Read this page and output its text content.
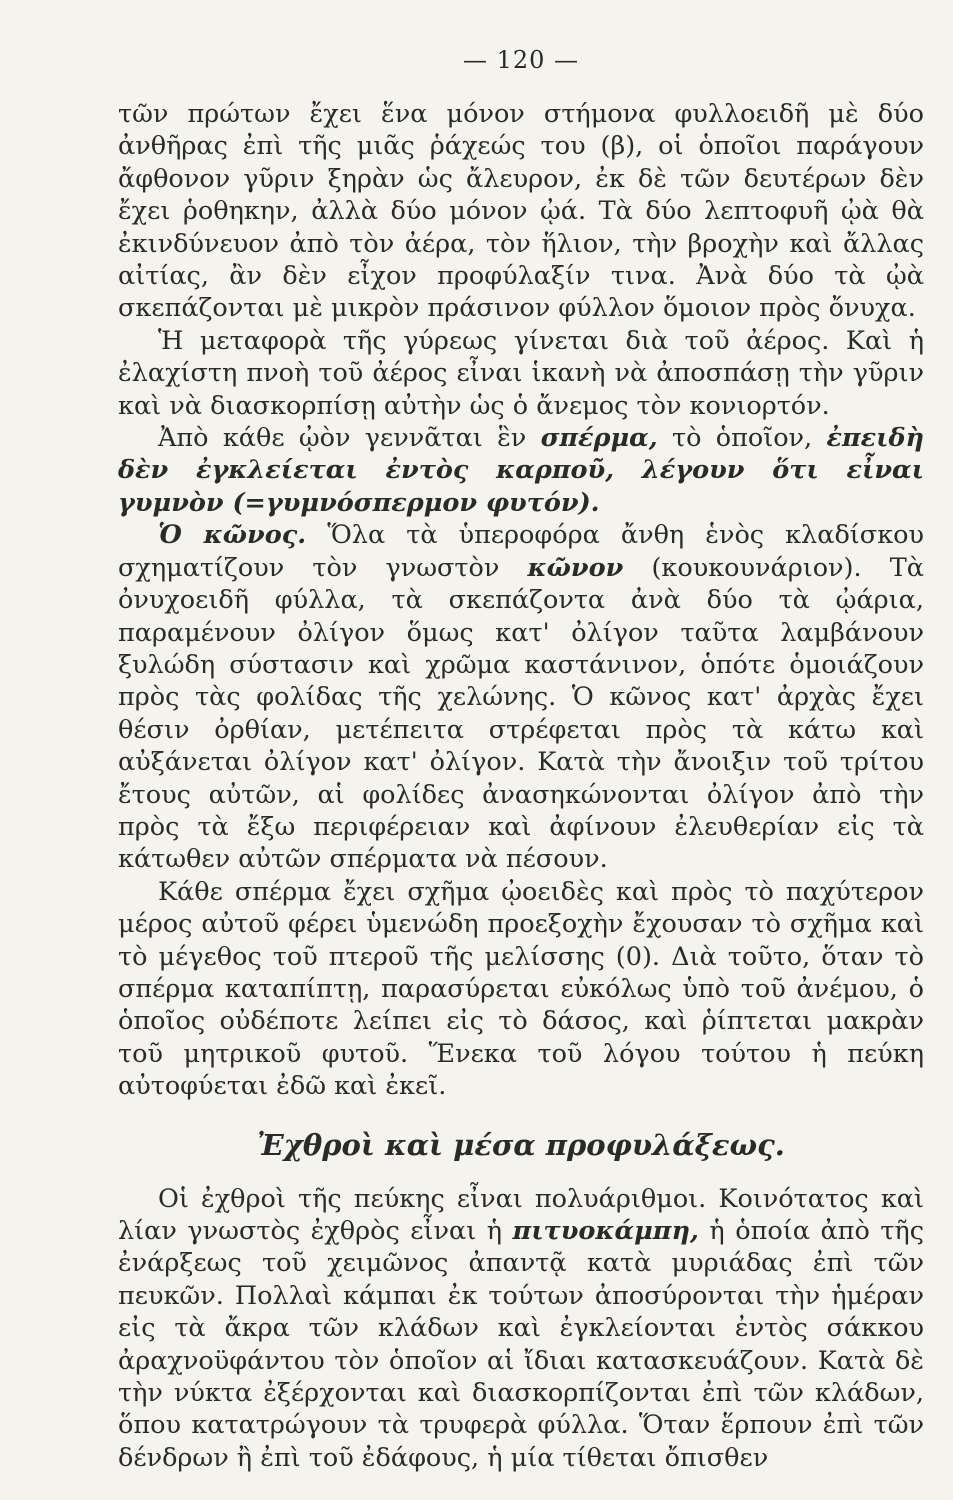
— 120 —

τῶν πρώτων ἔχει ἕνα μόνον στήμονα φυλλοειδῆ μὲ δύο ἀνθῆρας ἐπὶ τῆς μιᾶς ῥάχεώς του (β), οἱ ὁποῖοι παράγουν ἄφθονον γῦριν ξηρὰν ὡς ἄλευρον, ἐκ δὲ τῶν δευτέρων δὲν ἔχει ῥοθηκην, ἀλλὰ δύο μόνον ᾠά. Τὰ δύο λεπτοφυῆ ᾠὰ θὰ ἐκινδύνευον ἀπὸ τὸν ἀέρα, τὸν ἥλιον, τὴν βροχὴν καὶ ἄλλας αἰτίας, ἂν δὲν εἶχον προφύλαξίν τινα. Ἀνὰ δύο τὰ ᾠὰ σκεπάζονται μὲ μικρὸν πράσινον φύλλον ὅμοιον πρὸς ὄνυχα.

Ἡ μεταφορὰ τῆς γύρεως γίνεται διὰ τοῦ ἀέρος. Καὶ ἡ ἐλαχίστη πνοὴ τοῦ ἀέρος εἶναι ἱκανὴ νὰ ἀποσπάσῃ τὴν γῦριν καὶ νὰ διασκορπίσῃ αὐτὴν ὡς ὁ ἄνεμος τὸν κονιορτόν.

Ἀπὸ κάθε ᾠὸν γεννᾶται ἓν σπέρμα, τὸ ὁποῖον, ἐπειδὴ δὲν ἐγκλείεται ἐντὸς καρποῦ, λέγουν ὅτι εἶναι γυμνὸν (=γυμνόσπερμον φυτόν).

Ὁ κῶνος. Ὅλα τὰ ὑπεροφόρα ἄνθη ἑνὸς κλαδίσκου σχηματίζουν τὸν γνωστὸν κῶνον (κουκουνάριον). Τὰ ὀνυχοειδῆ φύλλα, τὰ σκεπάζοντα ἀνὰ δύο τὰ ᾠάρια, παραμένουν ὀλίγον ὅμως κατ' ὀλίγον ταῦτα λαμβάνουν ξυλώδη σύστασιν καὶ χρῶμα καστάνινον, ὁπότε ὁμοιάζουν πρὸς τὰς φολίδας τῆς χελώνης. Ὁ κῶνος κατ' ἀρχὰς ἔχει θέσιν ὀρθίαν, μετέπειτα στρέφεται πρὸς τὰ κάτω καὶ αὐξάνεται ὀλίγον κατ' ὀλίγον. Κατὰ τὴν ἄνοιξιν τοῦ τρίτου ἔτους αὐτῶν, αἱ φολίδες ἀνασηκώνονται ὀλίγον ἀπὸ τὴν πρὸς τὰ ἔξω περιφέρειαν καὶ ἀφίνουν ἐλευθερίαν εἰς τὰ κάτωθεν αὐτῶν σπέρματα νὰ πέσουν.

Κάθε σπέρμα ἔχει σχῆμα ᾠοειδὲς καὶ πρὸς τὸ παχύτερον μέρος αὐτοῦ φέρει ὑμενώδη προεξοχὴν ἔχουσαν τὸ σχῆμα καὶ τὸ μέγεθος τοῦ πτεροῦ τῆς μελίσσης (0). Διὰ τοῦτο, ὅταν τὸ σπέρμα καταπίπτῃ, παρασύρεται εὐκόλως ὑπὸ τοῦ ἀνέμου, ὁ ὁποῖος οὐδέποτε λείπει εἰς τὸ δάσος, καὶ ῥίπτεται μακρὰν τοῦ μητρικοῦ φυτοῦ. Ἕνεκα τοῦ λόγου τούτου ἡ πεύκη αὐτοφύεται ἐδῶ καὶ ἐκεῖ.

Ἐχθροὶ καὶ μέσα προφυλάξεως.

Οἱ ἐχθροὶ τῆς πεύκης εἶναι πολυάριθμοι. Κοινότατος καὶ λίαν γνωστὸς ἐχθρὸς εἶναι ἡ πιτυοκάμπη, ἡ ὁποία ἀπὸ τῆς ἐνάρξεως τοῦ χειμῶνος ἀπαντᾷ κατὰ μυριάδας ἐπὶ τῶν πευκῶν. Πολλαὶ κάμπαι ἐκ τούτων ἀποσύρονται τὴν ἡμέραν εἰς τὰ ἄκρα τῶν κλάδων καὶ ἐγκλείονται ἐντὸς σάκκου ἀραχνοϋφάντου τὸν ὁποῖον αἱ ἴδιαι κατασκευάζουν. Κατὰ δὲ τὴν νύκτα ἐξέρχονται καὶ διασκορπίζονται ἐπὶ τῶν κλάδων, ὅπου κατατρώγουν τὰ τρυφερὰ φύλλα. Ὅταν ἕρπουν ἐπὶ τῶν δένδρων ἢ ἐπὶ τοῦ ἐδάφους, ἡ μία τίθεται ὄπισθεν
